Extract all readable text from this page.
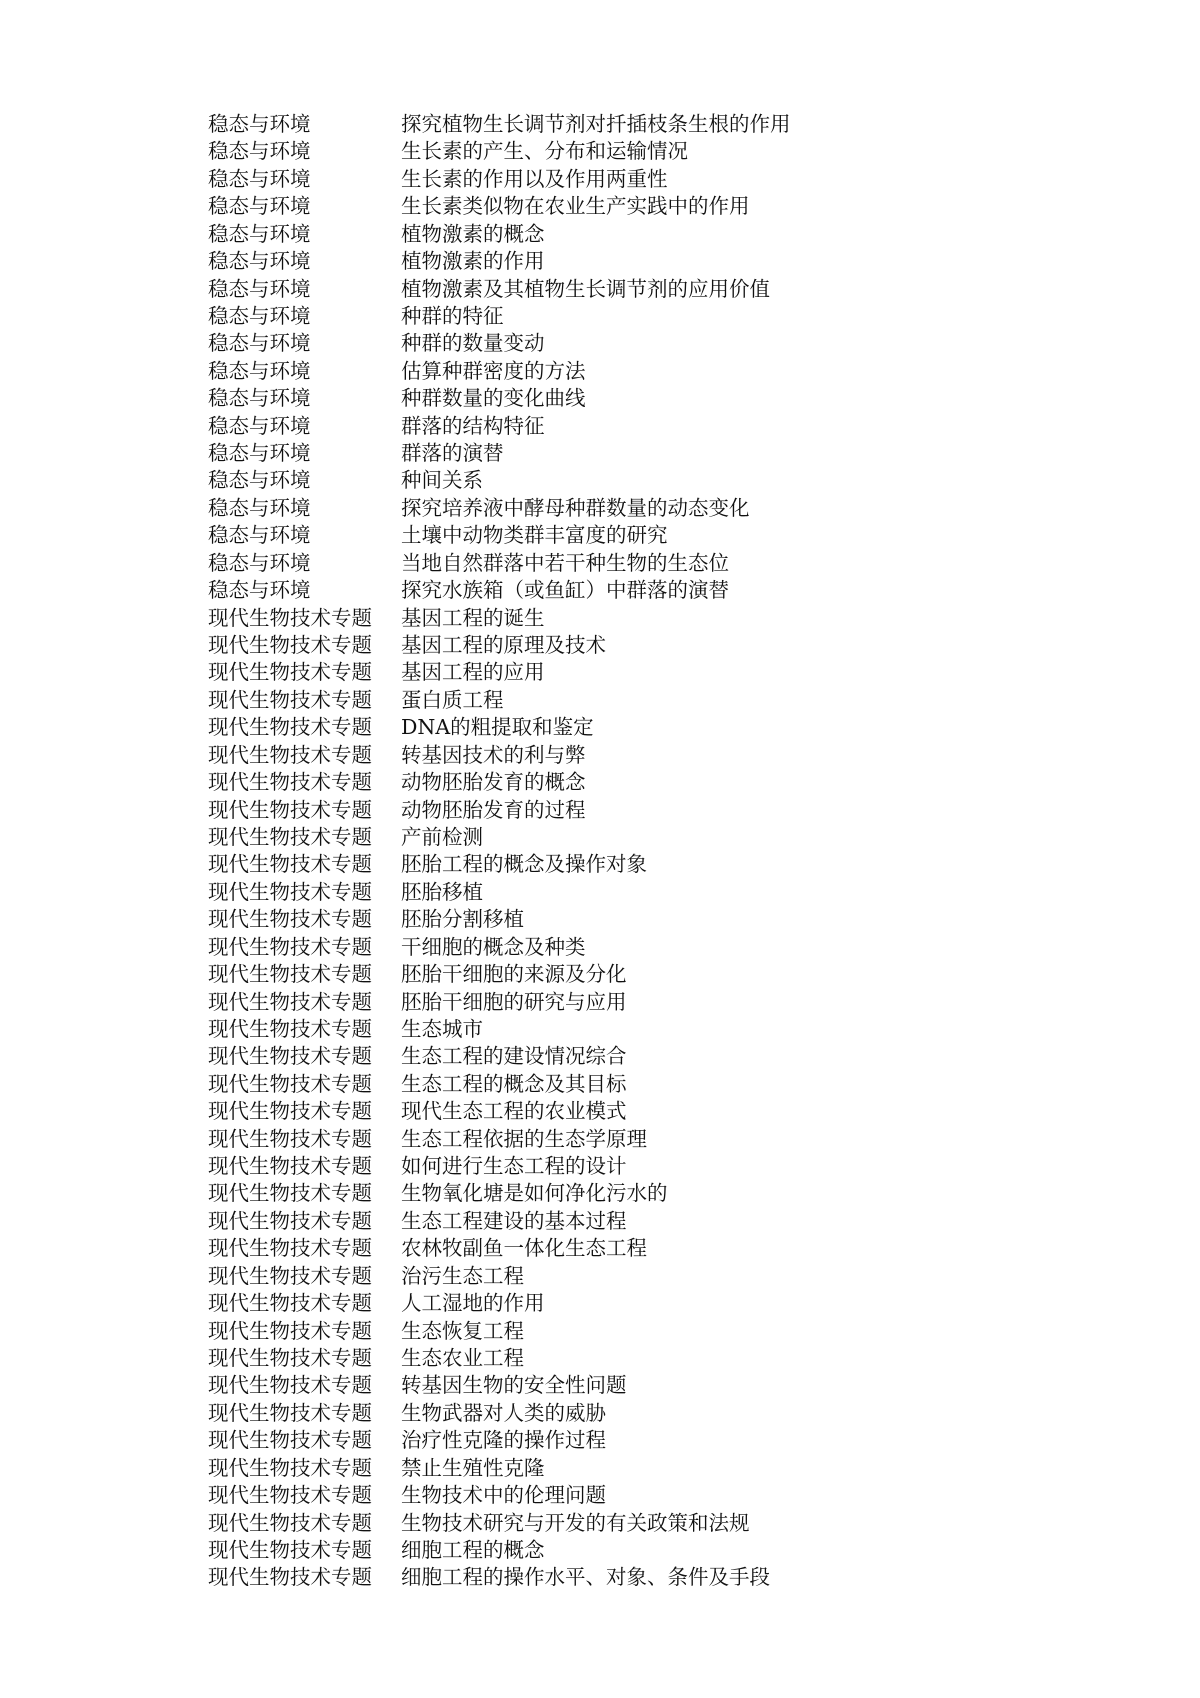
稳态与环境	探究植物生长调节剂对扦插枝条生根的作用
稳态与环境	生长素的产生、分布和运输情况
稳态与环境	生长素的作用以及作用两重性
稳态与环境	生长素类似物在农业生产实践中的作用
稳态与环境	植物激素的概念
稳态与环境	植物激素的作用
稳态与环境	植物激素及其植物生长调节剂的应用价值
稳态与环境	种群的特征
稳态与环境	种群的数量变动
稳态与环境	估算种群密度的方法
稳态与环境	种群数量的变化曲线
稳态与环境	群落的结构特征
稳态与环境	群落的演替
稳态与环境	种间关系
稳态与环境	探究培养液中酵母种群数量的动态变化
稳态与环境	土壤中动物类群丰富度的研究
稳态与环境	当地自然群落中若干种生物的生态位
稳态与环境	探究水族箱（或鱼缸）中群落的演替
现代生物技术专题	基因工程的诞生
现代生物技术专题	基因工程的原理及技术
现代生物技术专题	基因工程的应用
现代生物技术专题	蛋白质工程
现代生物技术专题	DNA的粗提取和鉴定
现代生物技术专题	转基因技术的利与弊
现代生物技术专题	动物胚胎发育的概念
现代生物技术专题	动物胚胎发育的过程
现代生物技术专题	产前检测
现代生物技术专题	胚胎工程的概念及操作对象
现代生物技术专题	胚胎移植
现代生物技术专题	胚胎分割移植
现代生物技术专题	干细胞的概念及种类
现代生物技术专题	胚胎干细胞的来源及分化
现代生物技术专题	胚胎干细胞的研究与应用
现代生物技术专题	生态城市
现代生物技术专题	生态工程的建设情况综合
现代生物技术专题	生态工程的概念及其目标
现代生物技术专题	现代生态工程的农业模式
现代生物技术专题	生态工程依据的生态学原理
现代生物技术专题	如何进行生态工程的设计
现代生物技术专题	生物氧化塘是如何净化污水的
现代生物技术专题	生态工程建设的基本过程
现代生物技术专题	农林牧副鱼一体化生态工程
现代生物技术专题	治污生态工程
现代生物技术专题	人工湿地的作用
现代生物技术专题	生态恢复工程
现代生物技术专题	生态农业工程
现代生物技术专题	转基因生物的安全性问题
现代生物技术专题	生物武器对人类的威胁
现代生物技术专题	治疗性克隆的操作过程
现代生物技术专题	禁止生殖性克隆
现代生物技术专题	生物技术中的伦理问题
现代生物技术专题	生物技术研究与开发的有关政策和法规
现代生物技术专题	细胞工程的概念
现代生物技术专题	细胞工程的操作水平、对象、条件及手段
